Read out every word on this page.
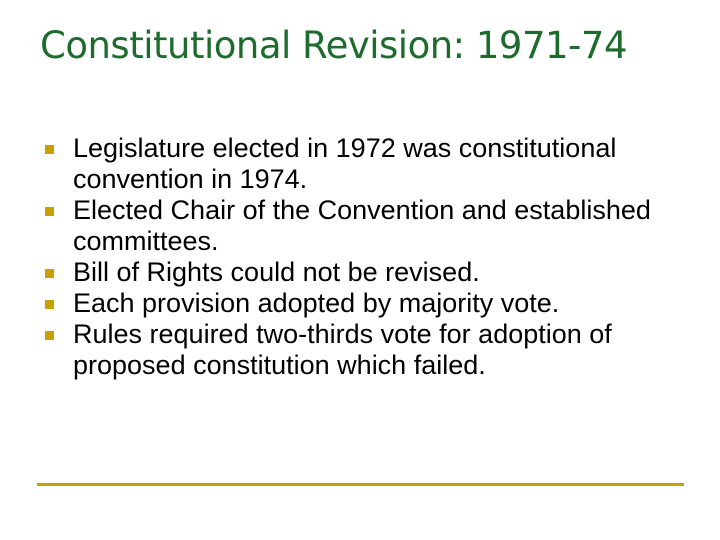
Constitutional Revision: 1971-74
Legislature elected in 1972 was constitutional convention in 1974.
Elected Chair of the Convention and established committees.
Bill of Rights could not be revised.
Each provision adopted by majority vote.
Rules required two-thirds vote for adoption of proposed constitution which failed.
